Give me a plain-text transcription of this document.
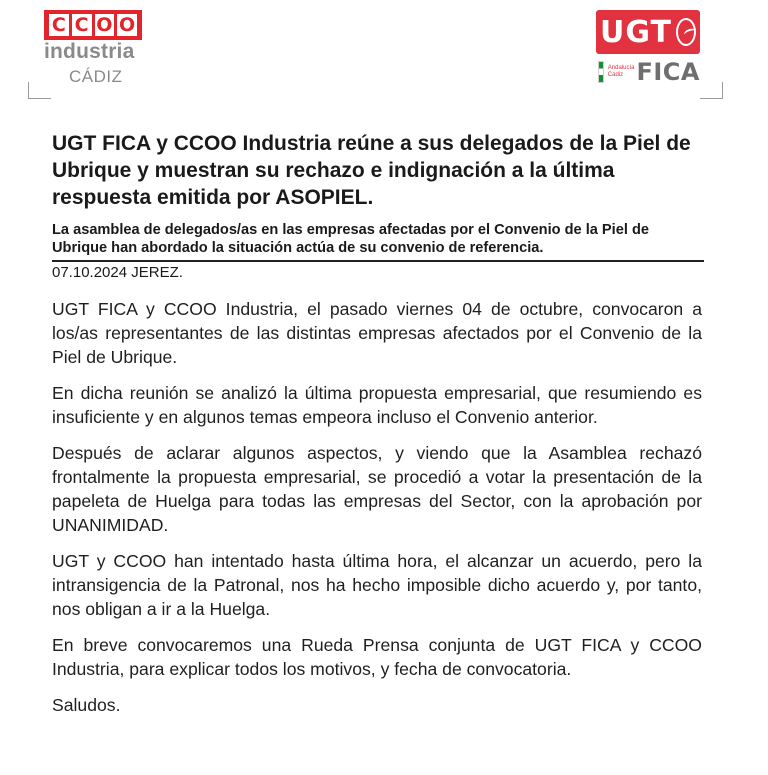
C C O O
industria
CÁDIZ
UGT
Andalucía Cádiz FICA
UGT FICA y CCOO Industria reúne a sus delegados de la Piel de Ubrique y muestran su rechazo e indignación a la última respuesta emitida por ASOPIEL.
La asamblea de delegados/as en las empresas afectadas por el Convenio de la Piel de Ubrique han abordado la situación actúa de su convenio de referencia.
07.10.2024 JEREZ.

UGT FICA y CCOO Industria, el pasado viernes 04 de octubre, convocaron a los/as representantes de las distintas empresas afectados por el Convenio de la Piel de Ubrique.

En dicha reunión se analizó la última propuesta empresarial, que resumiendo es insuficiente y en algunos temas empeora incluso el Convenio anterior.

Después de aclarar algunos aspectos, y viendo que la Asamblea rechazó frontalmente la propuesta empresarial, se procedió a votar la presentación de la papeleta de Huelga para todas las empresas del Sector, con la aprobación por UNANIMIDAD.

UGT y CCOO han intentado hasta última hora, el alcanzar un acuerdo, pero la intransigencia de la Patronal, nos ha hecho imposible dicho acuerdo y, por tanto, nos obligan a ir a la Huelga.

En breve convocaremos una Rueda Prensa conjunta de UGT FICA y CCOO Industria, para explicar todos los motivos, y fecha de convocatoria.

Saludos.
